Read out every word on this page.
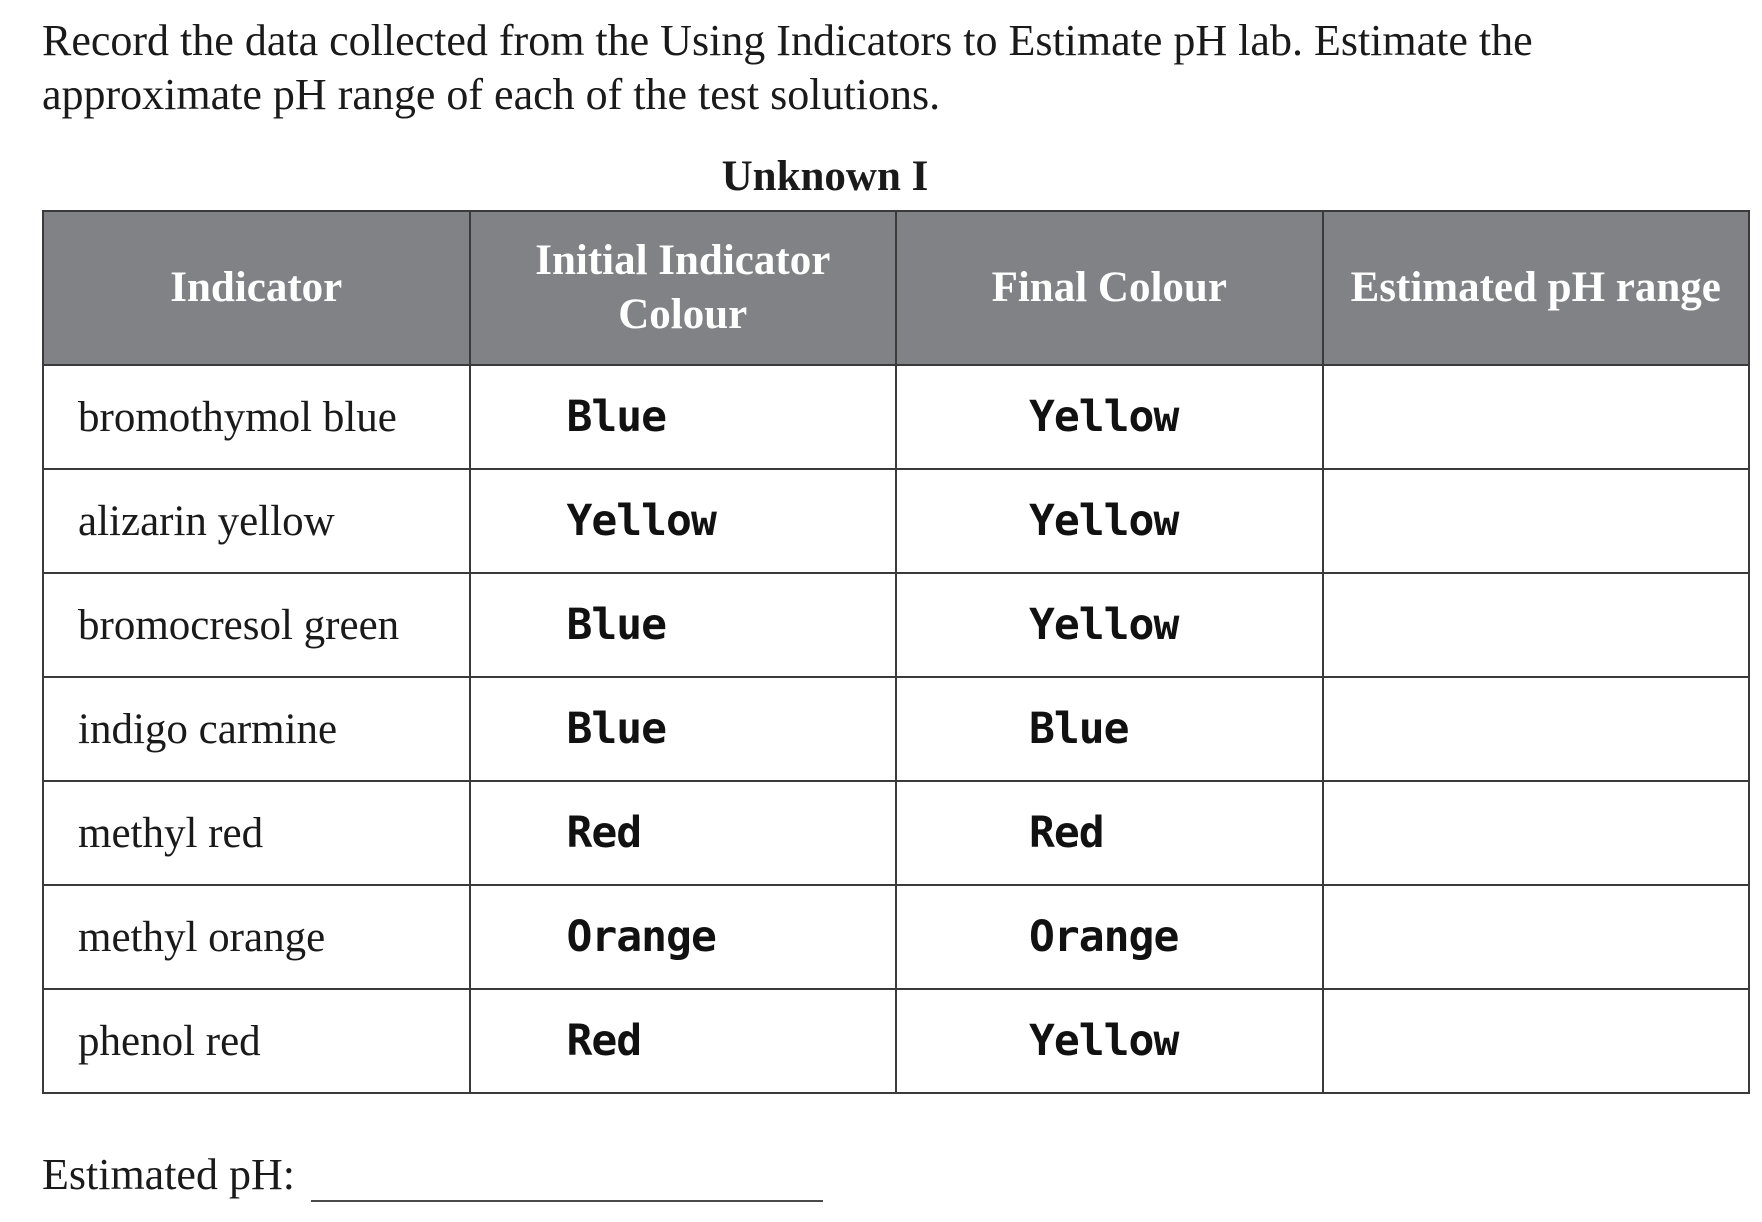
Record the data collected from the Using Indicators to Estimate pH lab. Estimate the approximate pH range of each of the test solutions.

Unknown I
Indicator	Initial Indicator Colour	Final Colour	Estimated pH range
bromothymol blue	Blue	Yellow	
alizarin yellow	Yellow	Yellow	
bromocresol green	Blue	Yellow	
indigo carmine	Blue	Blue	
methyl red	Red	Red	
methyl orange	Orange	Orange	
phenol red	Red	Yellow	
Estimated pH:
